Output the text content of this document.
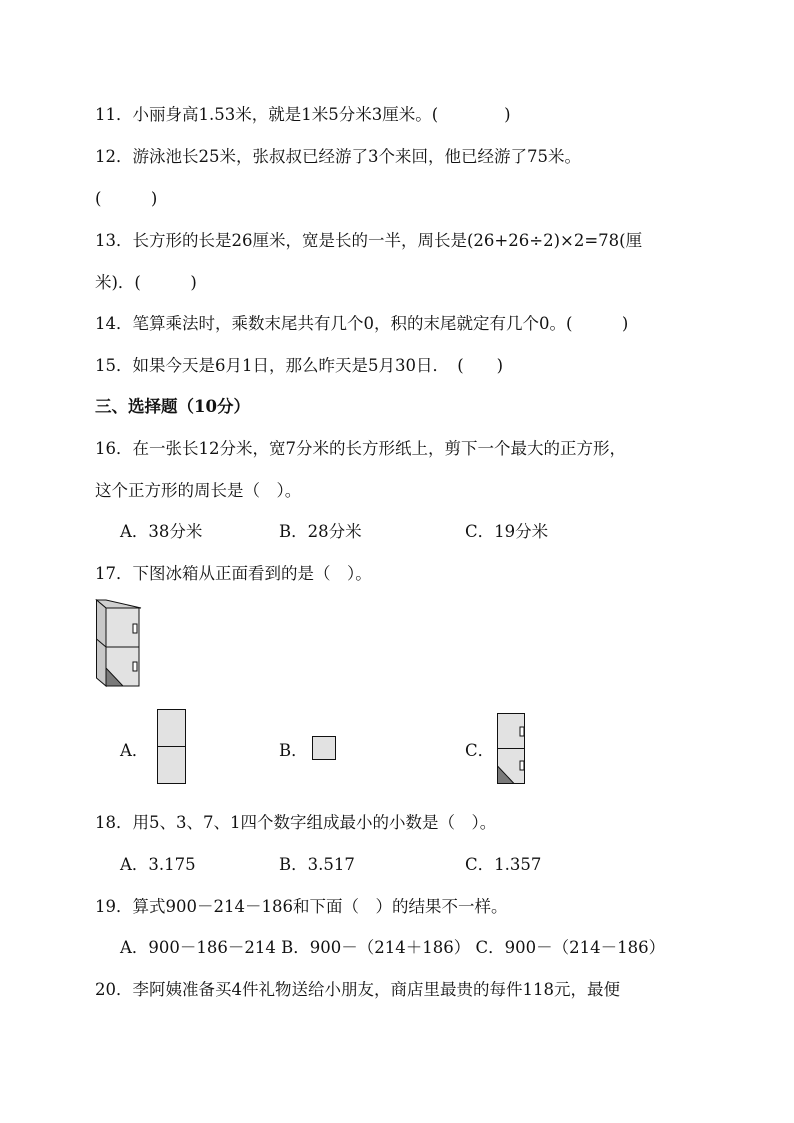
11．小丽身高1.53米，就是1米5分米3厘米。(　　　　)
12．游泳池长25米，张叔叔已经游了3个来回，他已经游了75米。
(　　　)
13．长方形的长是26厘米，宽是长的一半，周长是(26+26÷2)×2=78(厘
米)．(　　　)
14．笔算乘法时，乘数末尾共有几个0，积的末尾就定有几个0。(　　　)
15．如果今天是6月1日，那么昨天是5月30日．　(　　)
三、选择题（10分）
16．在一张长12分米，宽7分米的长方形纸上，剪下一个最大的正方形，
这个正方形的周长是（　）。
A．38分米	B．28分米	C．19分米
17．下图冰箱从正面看到的是（　）。
A．	B．	C．
18．用5、3、7、1四个数字组成最小的小数是（　）。
A．3.175	B．3.517	C．1.357
19．算式900－214－186和下面（　）的结果不一样。
A．900－186－214 B．900－（214＋186） C．900－（214－186）
20．李阿姨准备买4件礼物送给小朋友，商店里最贵的每件118元，最便
